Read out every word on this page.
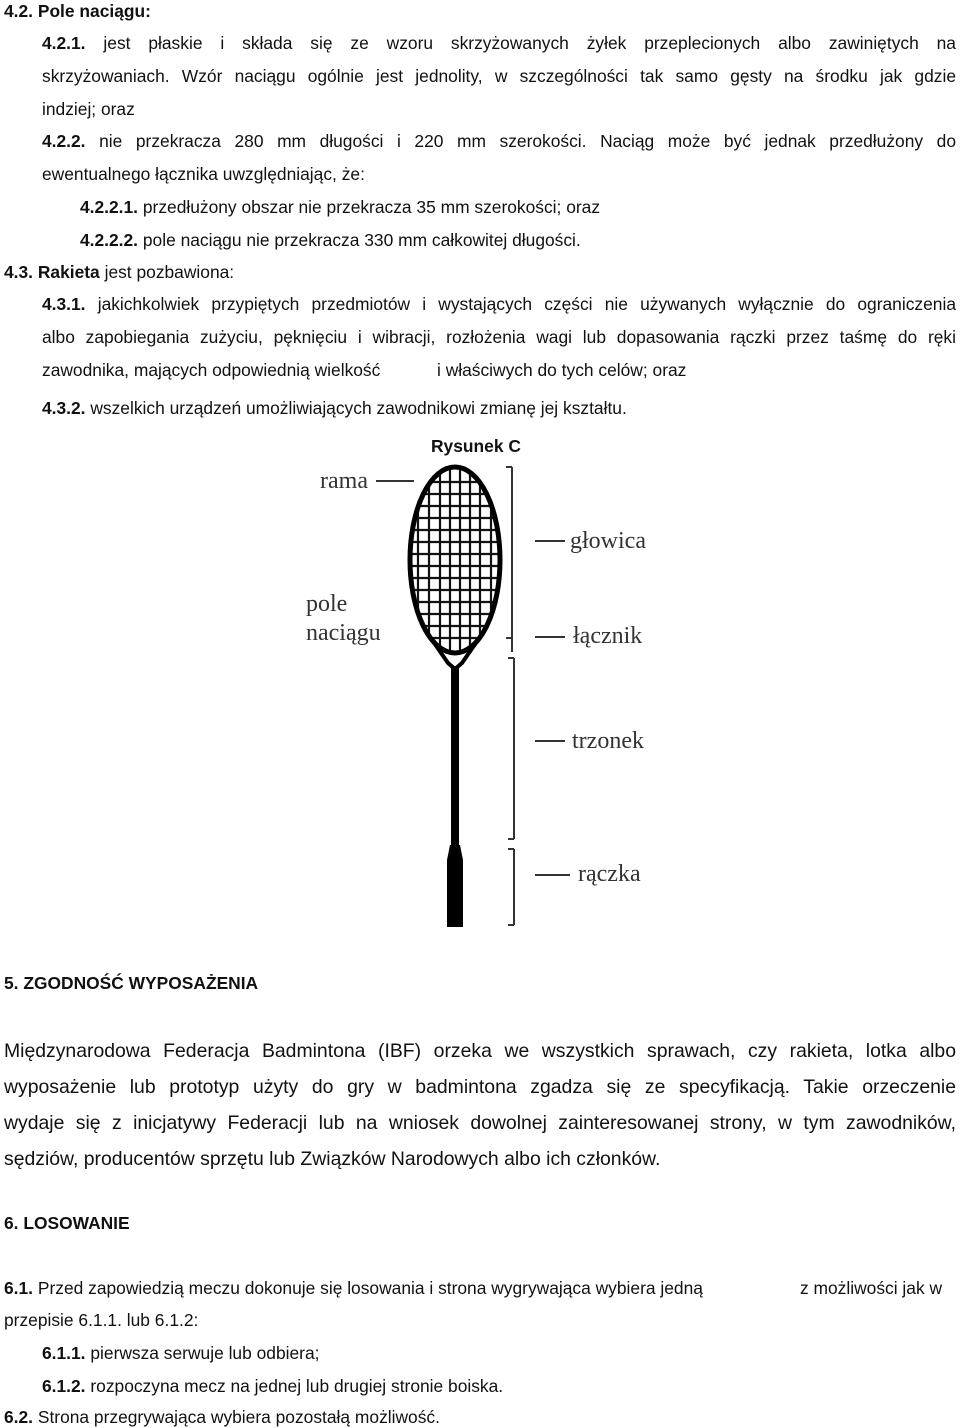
4.2. Pole naciągu:
4.2.1. jest płaskie i składa się ze wzoru skrzyżowanych żyłek przeplecionych albo zawiniętych na
skrzyżowaniach. Wzór naciągu ogólnie jest jednolity, w szczególności tak samo gęsty na środku jak gdzie
indziej; oraz
4.2.2. nie przekracza 280 mm długości i 220 mm szerokości. Naciąg może być jednak przedłużony do
ewentualnego łącznika uwzględniając, że:
4.2.2.1. przedłużony obszar nie przekracza 35 mm szerokości; oraz
4.2.2.2. pole naciągu nie przekracza 330 mm całkowitej długości.
4.3. Rakieta jest pozbawiona:
4.3.1. jakichkolwiek przypiętych przedmiotów i wystających części nie używanych wyłącznie do ograniczenia
albo zapobiegania zużyciu, pęknięciu i wibracji, rozłożenia wagi lub dopasowania rączki przez taśmę do ręki
zawodnika, mających odpowiednią wielkość	i właściwych do tych celów; oraz
4.3.2. wszelkich urządzeń umożliwiających zawodnikowi zmianę jej kształtu.
Rysunek C
rama
głowica
pole
naciągu	łącznik
trzonek
rączka
5. ZGODNOŚĆ WYPOSAŻENIA
Międzynarodowa Federacja Badmintona (IBF) orzeka we wszystkich sprawach, czy rakieta, lotka albo
wyposażenie lub prototyp użyty do gry w badmintona zgadza się ze specyfikacją. Takie orzeczenie
wydaje się z inicjatywy Federacji lub na wniosek dowolnej zainteresowanej strony, w tym zawodników,
sędziów, producentów sprzętu lub Związków Narodowych albo ich członków.
6. LOSOWANIE
6.1. Przed zapowiedzią meczu dokonuje się losowania i strona wygrywająca wybiera jedną	z możliwości jak w
przepisie 6.1.1. lub 6.1.2:
6.1.1. pierwsza serwuje lub odbiera;
6.1.2. rozpoczyna mecz na jednej lub drugiej stronie boiska.
6.2. Strona przegrywająca wybiera pozostałą możliwość.
